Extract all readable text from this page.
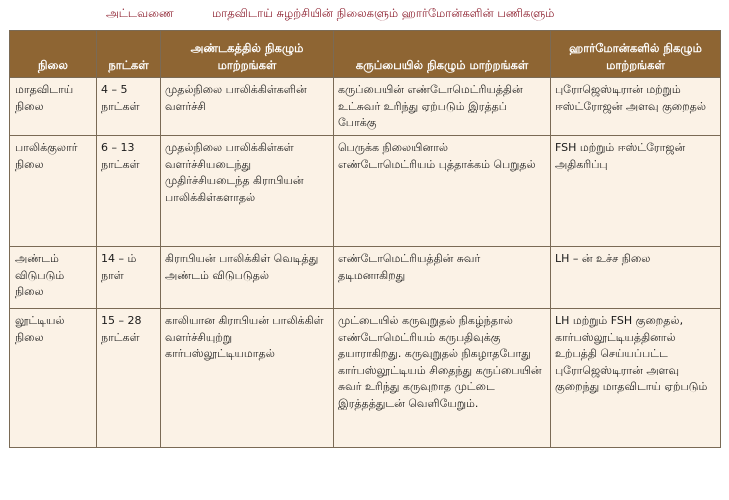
அட்டவணை	மாதவிடாய் சுழற்சியின் நிலைகளும் ஹார்மோன்களின் பணிகளும்
நிலை	நாட்கள்	அண்டகத்தில் நிகழும் மாற்றங்கள்	கருப்பையில் நிகழும் மாற்றங்கள்	ஹார்மோன்களில் நிகழும் மாற்றங்கள்
மாதவிடாய் நிலை	4 – 5 நாட்கள்	முதல்நிலை பாலிக்கிள்களின் வளர்ச்சி	கருப்பையின் எண்டோமெட்ரியத்தின் உட்சுவர் உரிந்து ஏற்படும் இரத்தப் போக்கு	புரோஜெஸ்டிரான் மற்றும் ஈஸ்ட்ரோஜன் அளவு குறைதல்
பாலிக்குலார் நிலை	6 – 13 நாட்கள்	முதல்நிலை பாலிக்கிள்கள் வளர்ச்சியடைந்து முதிர்ச்சியடைந்த கிராபியன் பாலிக்கிள்களாதல்	பெருக்க நிலையினால் எண்டோமெட்ரியம் புத்தாக்கம் பெறுதல்	FSH மற்றும் ஈஸ்ட்ரோஜன் அதிகரிப்பு
அண்டம் விடுபடும் நிலை	14 – ம் நாள்	கிராபியன் பாலிக்கிள் வெடித்து அண்டம் விடுபடுதல்	எண்டோமெட்ரியத்தின் சுவர் தடிமனாகிறது	LH – ன் உச்ச நிலை
லூட்டியல் நிலை	15 – 28 நாட்கள்	காலியான கிராபியன் பாலிக்கிள் வளர்ச்சியுற்று கார்பஸ்லூட்டியமாதல்	முட்டையில் கருவுறுதல் நிகழ்ந்தால் எண்டோமெட்ரியம் கருபதிவுக்கு தயாராகிறது. கருவுறுதல் நிகழாதபோது கார்பஸ்லூட்டியம் சிதைந்து கருப்பையின் சுவர் உரிந்து கருவுறாத முட்டை இரத்தத்துடன் வெளியேறும்.	LH மற்றும் FSH குறைதல், கார்பஸ்லூட்டியத்தினால் உற்பத்தி செய்யப்பட்ட புரோஜெஸ்டிரான் அளவு குறைந்து மாதவிடாய் ஏற்படும்
